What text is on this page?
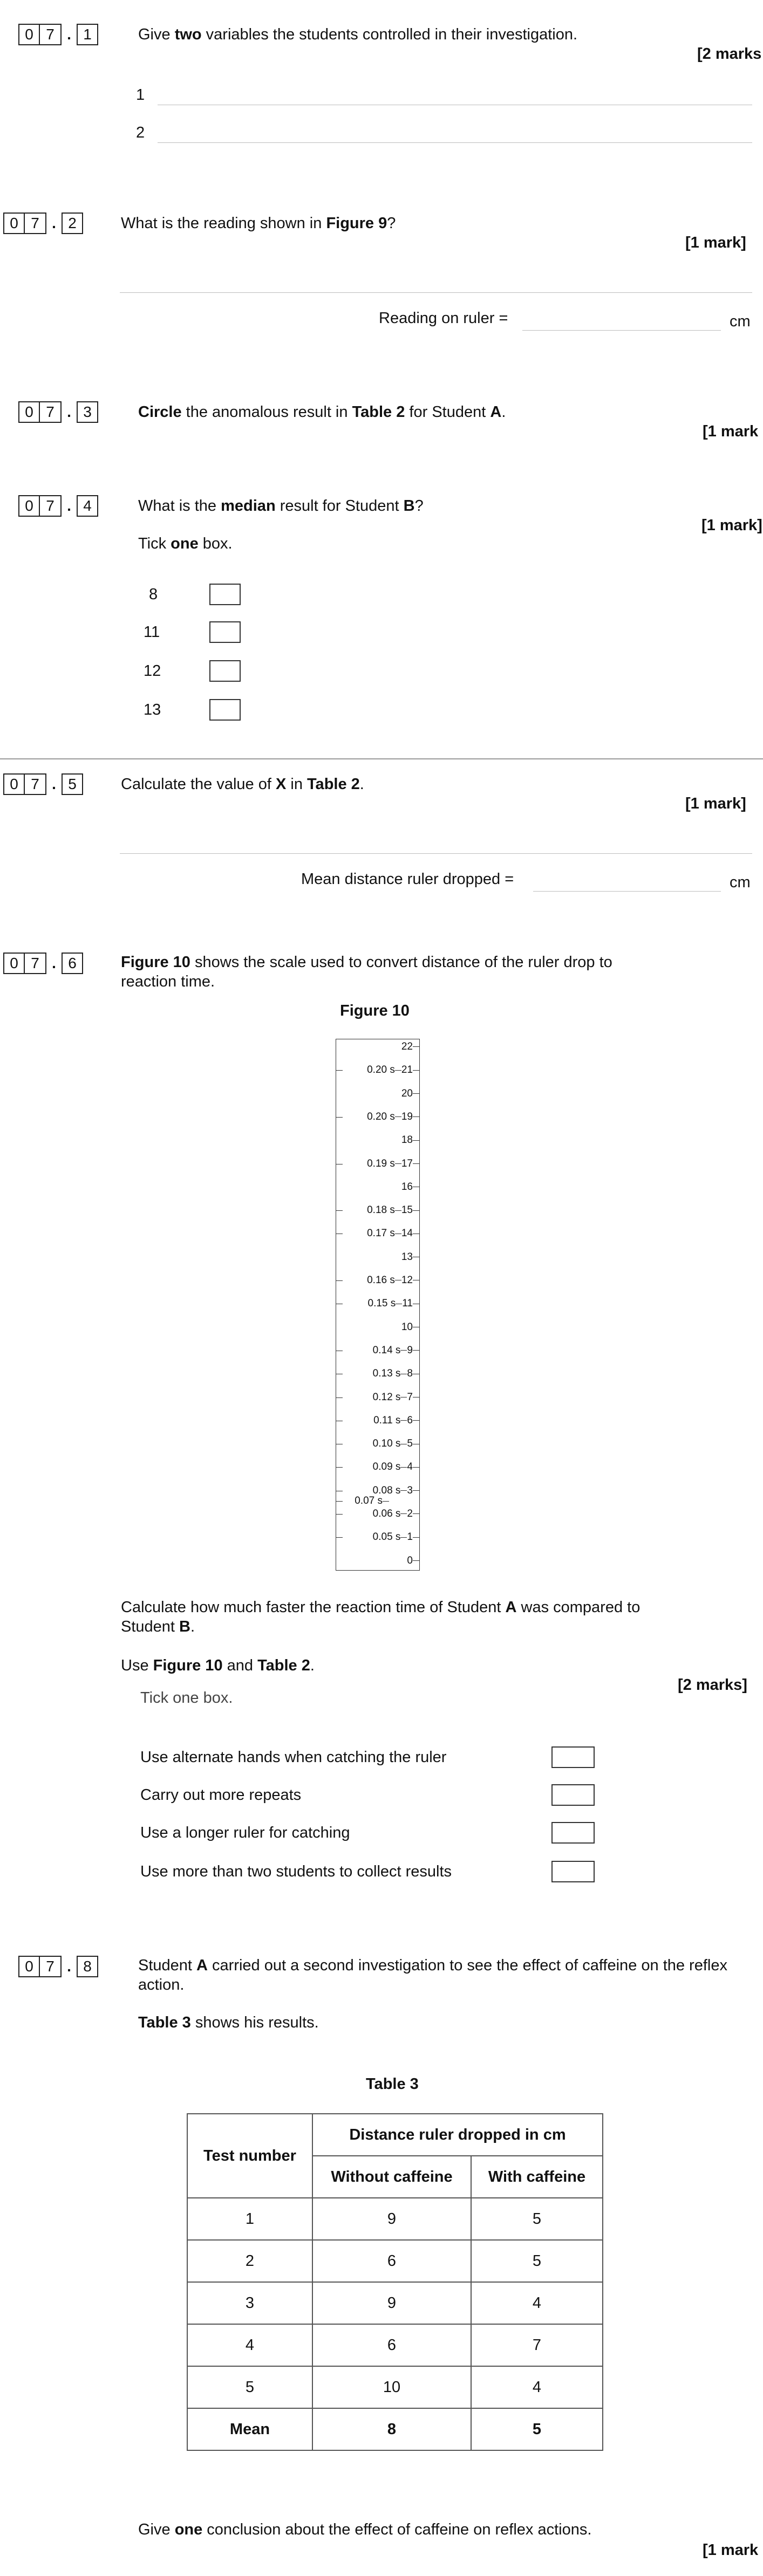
0 7 . 1	Give two variables the students controlled in their investigation.
[2 marks
1
2
0 7 . 2	What is the reading shown in Figure 9?
[1 mark]
Reading on ruler =	cm
0 7 . 3	Circle the anomalous result in Table 2 for Student A.
[1 mark
0 7 . 4	What is the median result for Student B?
[1 mark]
Tick one box.
8
11
12
13
0 7 . 5	Calculate the value of X in Table 2.
[1 mark]
Mean distance ruler dropped =	cm
0 7 . 6	Figure 10 shows the scale used to convert distance of the ruler drop to reaction time.
Figure 10
22
0.20 s 21
20
0.20 s 19
18
0.19 s 17
16
0.18 s 15
0.17 s 14
13
0.16 s 12
0.15 s 11
10
0.14 s 9
0.13 s 8
0.12 s 7
0.11 s 6
0.10 s 5
0.09 s 4
0.08 s 3
0.06 s 2
0.05 s 1
0
0.07 s
Calculate how much faster the reaction time of Student A was compared to Student B.
Use Figure 10 and Table 2.
[2 marks]
Tick one box.
Use alternate hands when catching the ruler
Carry out more repeats
Use a longer ruler for catching
Use more than two students to collect results
0 7 . 8	Student A carried out a second investigation to see the effect of caffeine on the reflex action.
Table 3 shows his results.
Table 3
Test number	Distance ruler dropped in cm	
	Without caffeine	With caffeine
1	9	5
2	6	5
3	9	4
4	6	7
5	10	4
Mean	8	5
Give one conclusion about the effect of caffeine on reflex actions.
[1 mark
